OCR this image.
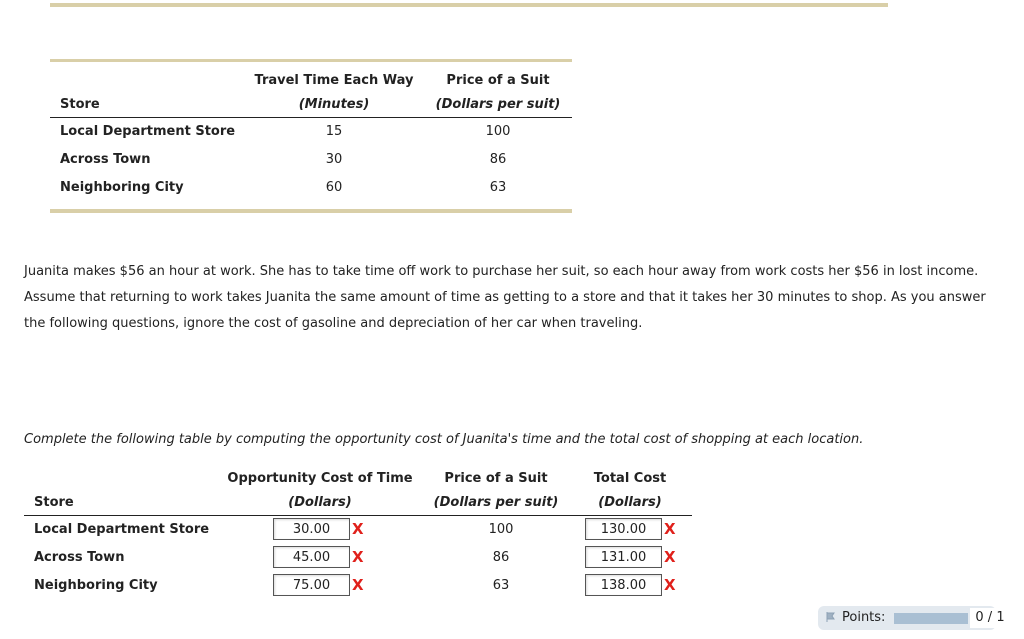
Travel Time Each Way
(Minutes)
Price of a Suit
(Dollars per suit)
Store
Local Department Store	15	100
Across Town	30	86
Neighboring City	60	63
Juanita makes $56 an hour at work. She has to take time off work to purchase her suit, so each hour away from work costs her $56 in lost income. Assume that returning to work takes Juanita the same amount of time as getting to a store and that it takes her 30 minutes to shop. As you answer the following questions, ignore the cost of gasoline and depreciation of her car when traveling.
Complete the following table by computing the opportunity cost of Juanita's time and the total cost of shopping at each location.
Opportunity Cost of Time
(Dollars)
Price of a Suit
(Dollars per suit)
Total Cost
(Dollars)
Store
Local Department Store	30.00	X	100	130.00	X
Across Town	45.00	X	86	131.00	X
Neighboring City	75.00	X	63	138.00	X
Points:	0 / 1
